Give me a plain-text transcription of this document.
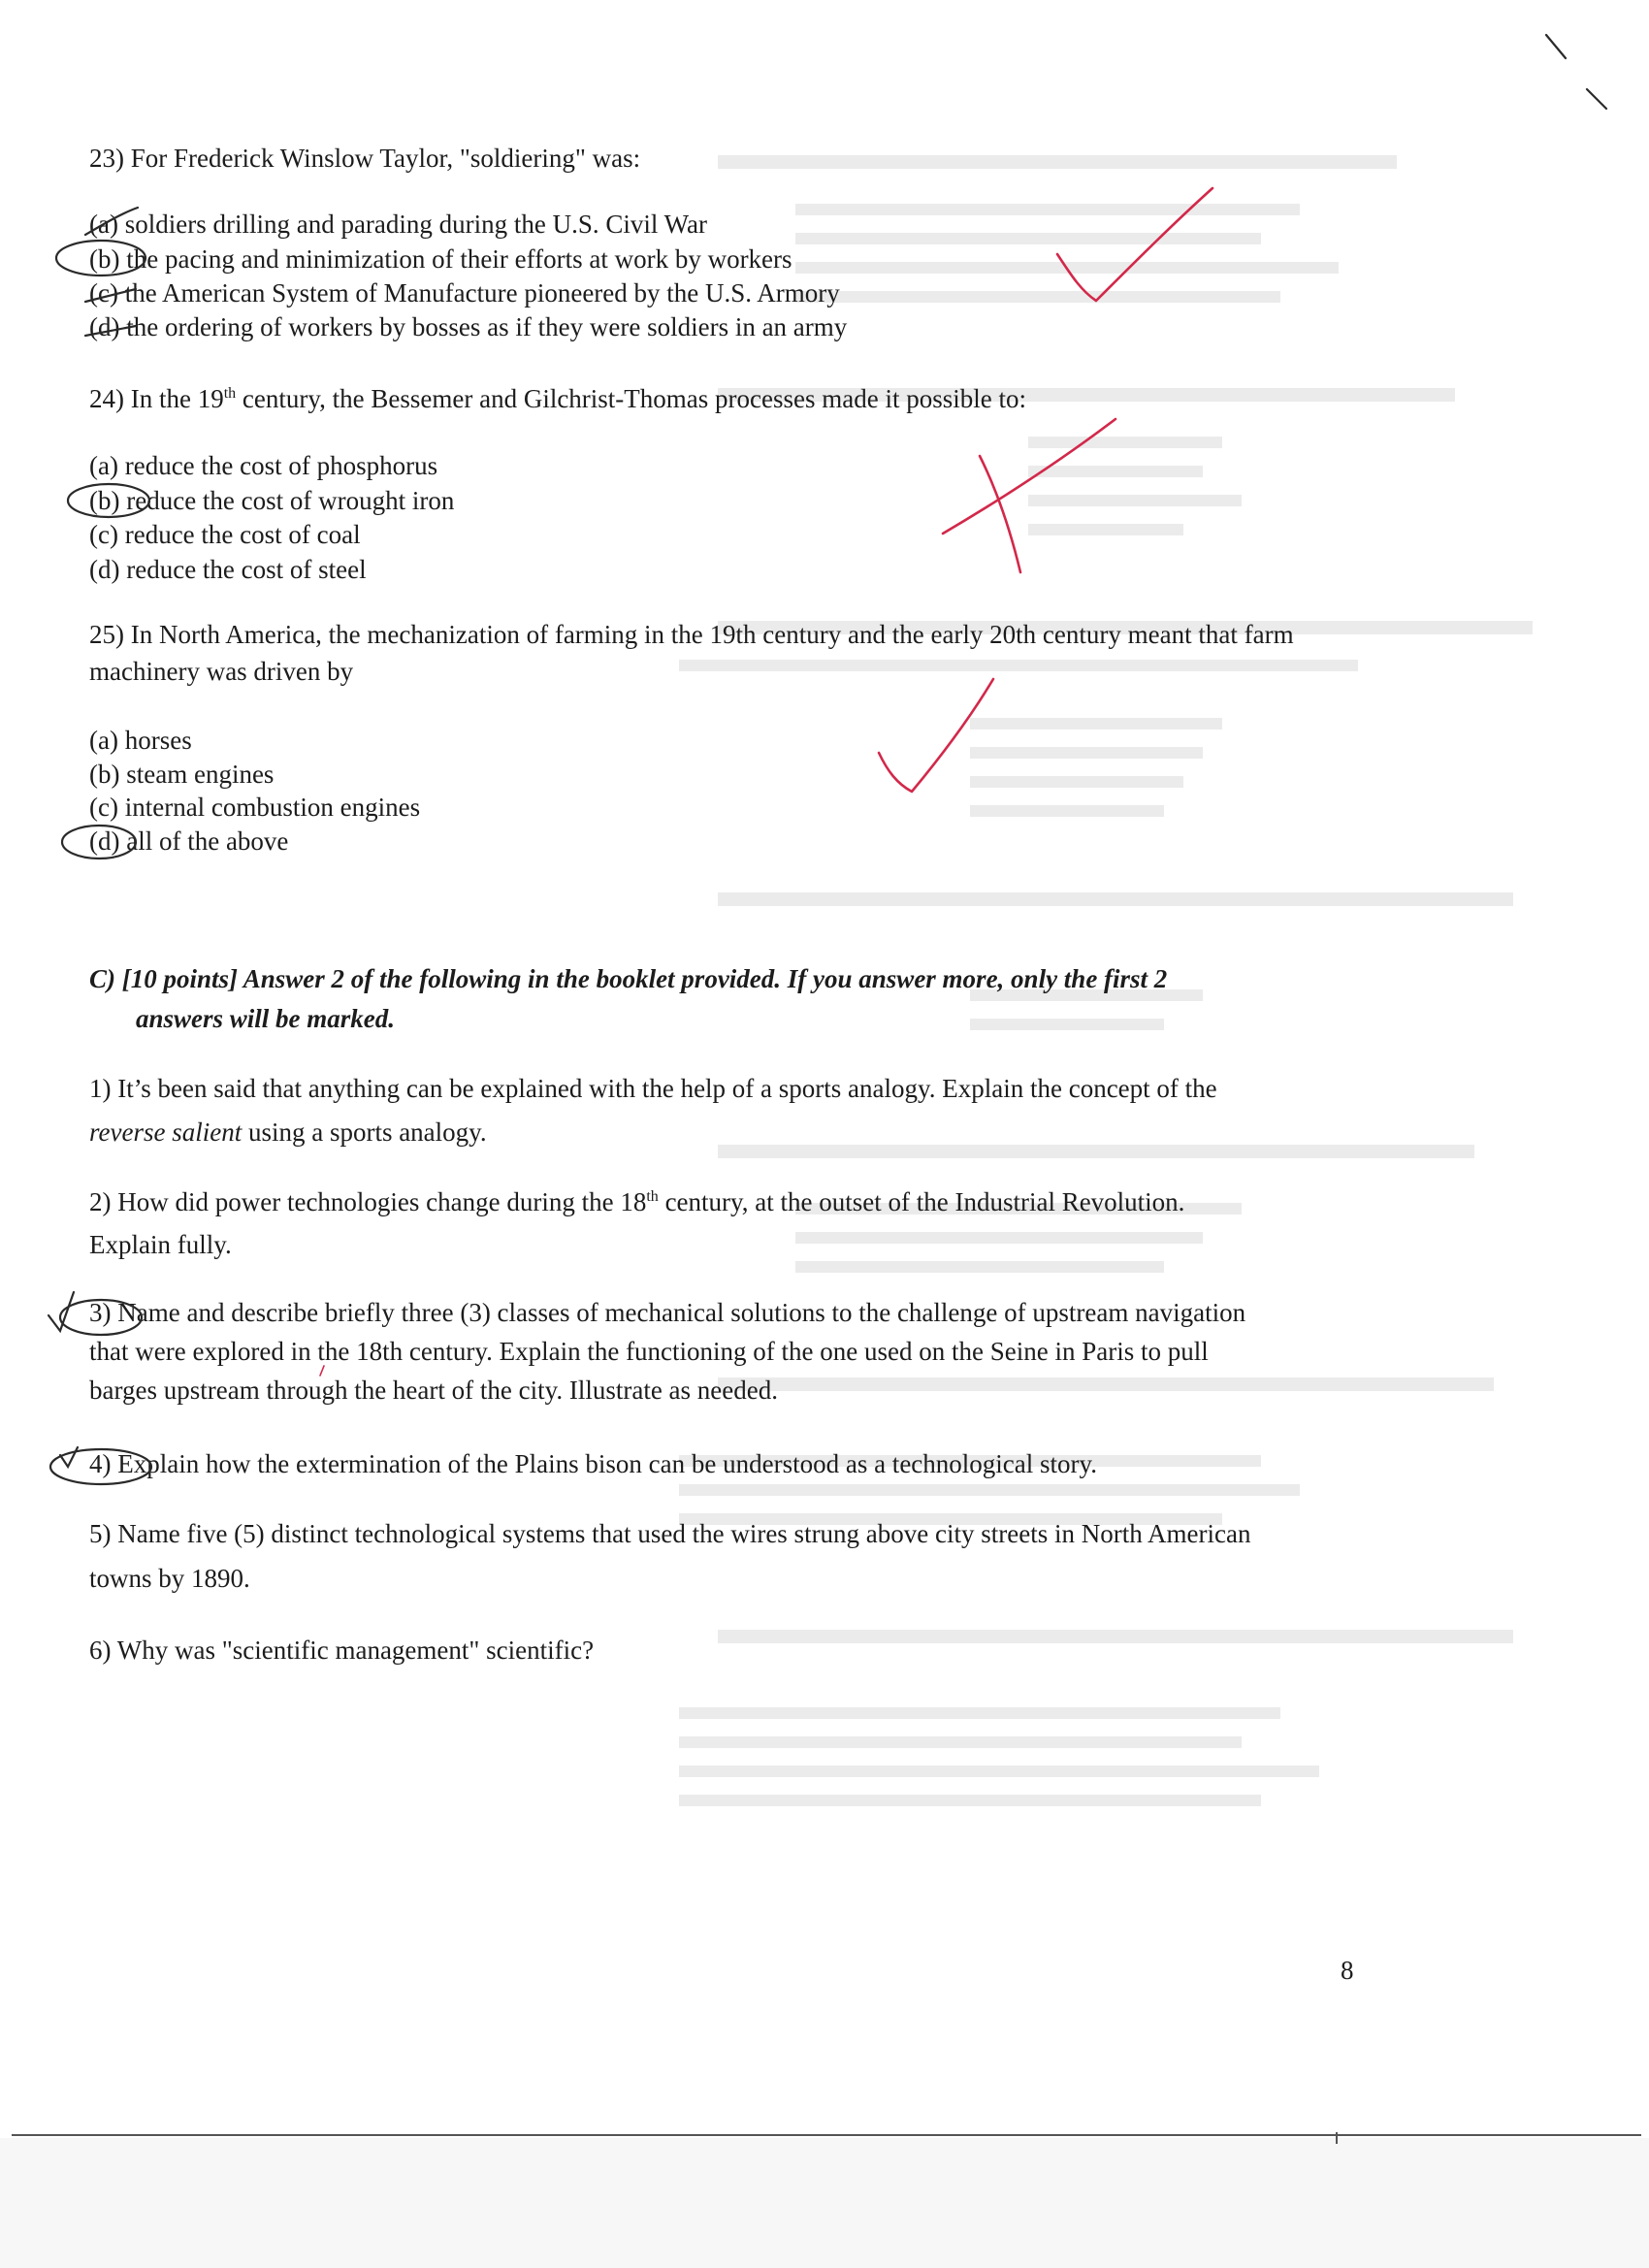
23) For Frederick Winslow Taylor, "soldiering" was:
(a) soldiers drilling and parading during the U.S. Civil War
(b) the pacing and minimization of their efforts at work by workers
(c) the American System of Manufacture pioneered by the U.S. Armory
(d) the ordering of workers by bosses as if they were soldiers in an army
24) In the 19th century, the Bessemer and Gilchrist-Thomas processes made it possible to:
(a) reduce the cost of phosphorus
(b) reduce the cost of wrought iron
(c) reduce the cost of coal
(d) reduce the cost of steel
25) In North America, the mechanization of farming in the 19th century and the early 20th century meant that farm
machinery was driven by
(a) horses
(b) steam engines
(c) internal combustion engines
(d) all of the above
C) [10 points] Answer 2 of the following in the booklet provided. If you answer more, only the first 2
answers will be marked.
1) It’s been said that anything can be explained with the help of a sports analogy. Explain the concept of the
reverse salient using a sports analogy.
2) How did power technologies change during the 18th century, at the outset of the Industrial Revolution.
Explain fully.
3) Name and describe briefly three (3) classes of mechanical solutions to the challenge of upstream navigation
that were explored in the 18th century. Explain the functioning of the one used on the Seine in Paris to pull
barges upstream through the heart of the city. Illustrate as needed.
4) Explain how the extermination of the Plains bison can be understood as a technological story.
5) Name five (5) distinct technological systems that used the wires strung above city streets in North American
towns by 1890.
6) Why was "scientific management" scientific?
8
